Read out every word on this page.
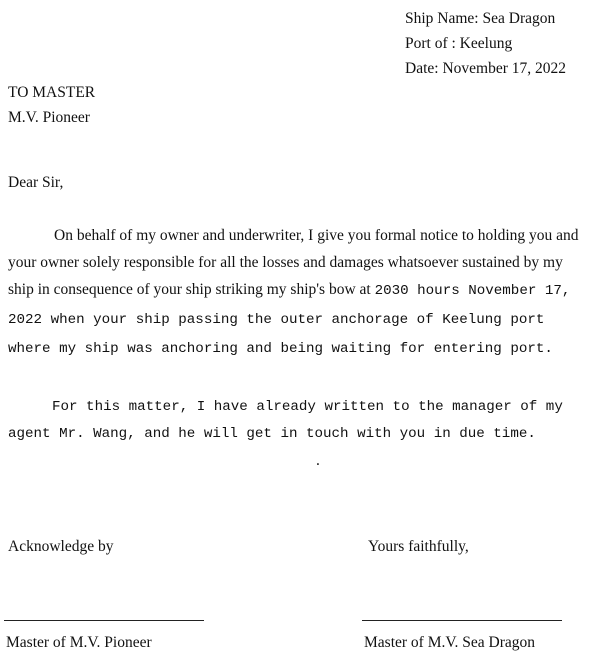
Ship Name: Sea Dragon
Port of : Keelung
Date: November 17, 2022
TO MASTER
M.V. Pioneer
Dear Sir,

On behalf of my owner and underwriter, I give you formal notice to holding you and your owner solely responsible for all the losses and damages whatsoever sustained by my ship in consequence of your ship striking my ship's bow at 2030 hours November 17, 2022 when your ship passing the outer anchorage of Keelung port where my ship was anchoring and being waiting for entering port.

For this matter, I have already written to the manager of my agent Mr. Wang, and he will get in touch with you in due time.

.
Acknowledge by	Yours faithfully,
Master of M.V. Pioneer	Master of M.V. Sea Dragon
